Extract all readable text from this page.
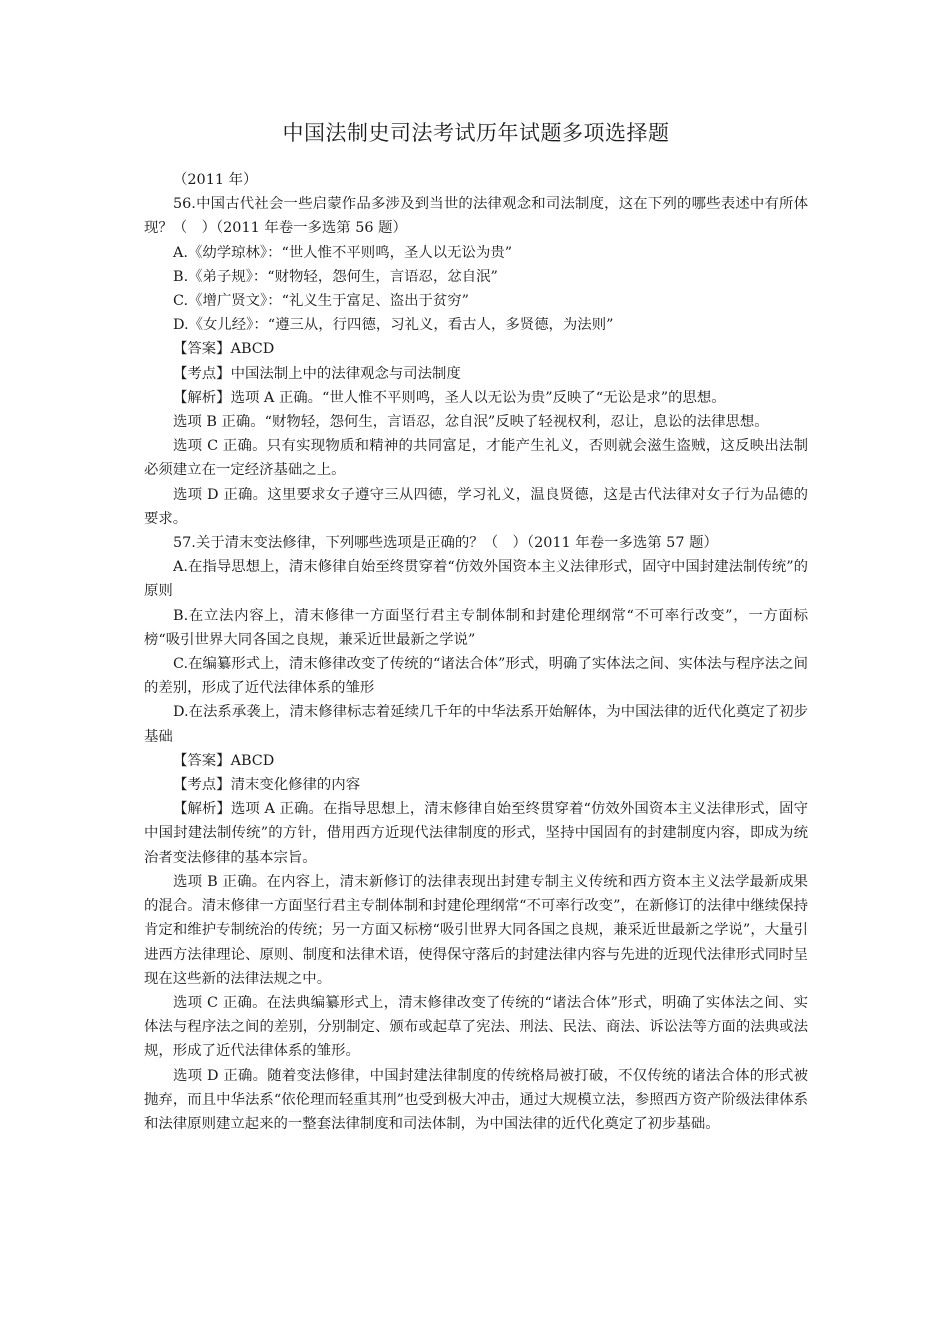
中国法制史司法考试历年试题多项选择题

（2011 年）

56.中国古代社会一些启蒙作品多涉及到当世的法律观念和司法制度，这在下列的哪些表述中有所体现？（　）（2011 年卷一多选第 56 题）

A.《幼学琼林》：“世人惟不平则鸣，圣人以无讼为贵”

B.《弟子规》：“财物轻，怨何生，言语忍，忿自泯”

C.《增广贤文》：“礼义生于富足、盗出于贫穷”

D.《女儿经》：“遵三从，行四德，习礼义，看古人，多贤德，为法则”

【答案】ABCD

【考点】中国法制上中的法律观念与司法制度

【解析】选项 A 正确。“世人惟不平则鸣，圣人以无讼为贵”反映了“无讼是求”的思想。

选项 B 正确。“财物轻，怨何生，言语忍，忿自泯”反映了轻视权利，忍让，息讼的法律思想。

选项 C 正确。只有实现物质和精神的共同富足，才能产生礼义，否则就会滋生盗贼，这反映出法制必须建立在一定经济基础之上。

选项 D 正确。这里要求女子遵守三从四德，学习礼义，温良贤德，这是古代法律对女子行为品德的要求。

57.关于清末变法修律，下列哪些选项是正确的？（　）（2011 年卷一多选第 57 题）

A.在指导思想上，清末修律自始至终贯穿着“仿效外国资本主义法律形式，固守中国封建法制传统”的原则

B.在立法内容上，清末修律一方面坚行君主专制体制和封建伦理纲常“不可率行改变”，一方面标榜“吸引世界大同各国之良规，兼采近世最新之学说”

C.在编纂形式上，清末修律改变了传统的“诸法合体”形式，明确了实体法之间、实体法与程序法之间的差别，形成了近代法律体系的雏形

D.在法系承袭上，清末修律标志着延续几千年的中华法系开始解体，为中国法律的近代化奠定了初步基础

【答案】ABCD

【考点】清末变化修律的内容

【解析】选项 A 正确。在指导思想上，清末修律自始至终贯穿着“仿效外国资本主义法律形式，固守中国封建法制传统”的方针，借用西方近现代法律制度的形式，坚持中国固有的封建制度内容，即成为统治者变法修律的基本宗旨。

选项 B 正确。在内容上，清末新修订的法律表现出封建专制主义传统和西方资本主义法学最新成果的混合。清末修律一方面坚行君主专制体制和封建伦理纲常“不可率行改变”，在新修订的法律中继续保持肯定和维护专制统治的传统；另一方面又标榜“吸引世界大同各国之良规，兼采近世最新之学说”，大量引进西方法律理论、原则、制度和法律术语，使得保守落后的封建法律内容与先进的近现代法律形式同时呈现在这些新的法律法规之中。

选项 C 正确。在法典编纂形式上，清末修律改变了传统的“诸法合体”形式，明确了实体法之间、实体法与程序法之间的差别，分别制定、颁布或起草了宪法、刑法、民法、商法、诉讼法等方面的法典或法规，形成了近代法律体系的雏形。

选项 D 正确。随着变法修律，中国封建法律制度的传统格局被打破，不仅传统的诸法合体的形式被抛弃，而且中华法系“依伦理而轻重其刑”也受到极大冲击，通过大规模立法，参照西方资产阶级法律体系和法律原则建立起来的一整套法律制度和司法体制，为中国法律的近代化奠定了初步基础。
